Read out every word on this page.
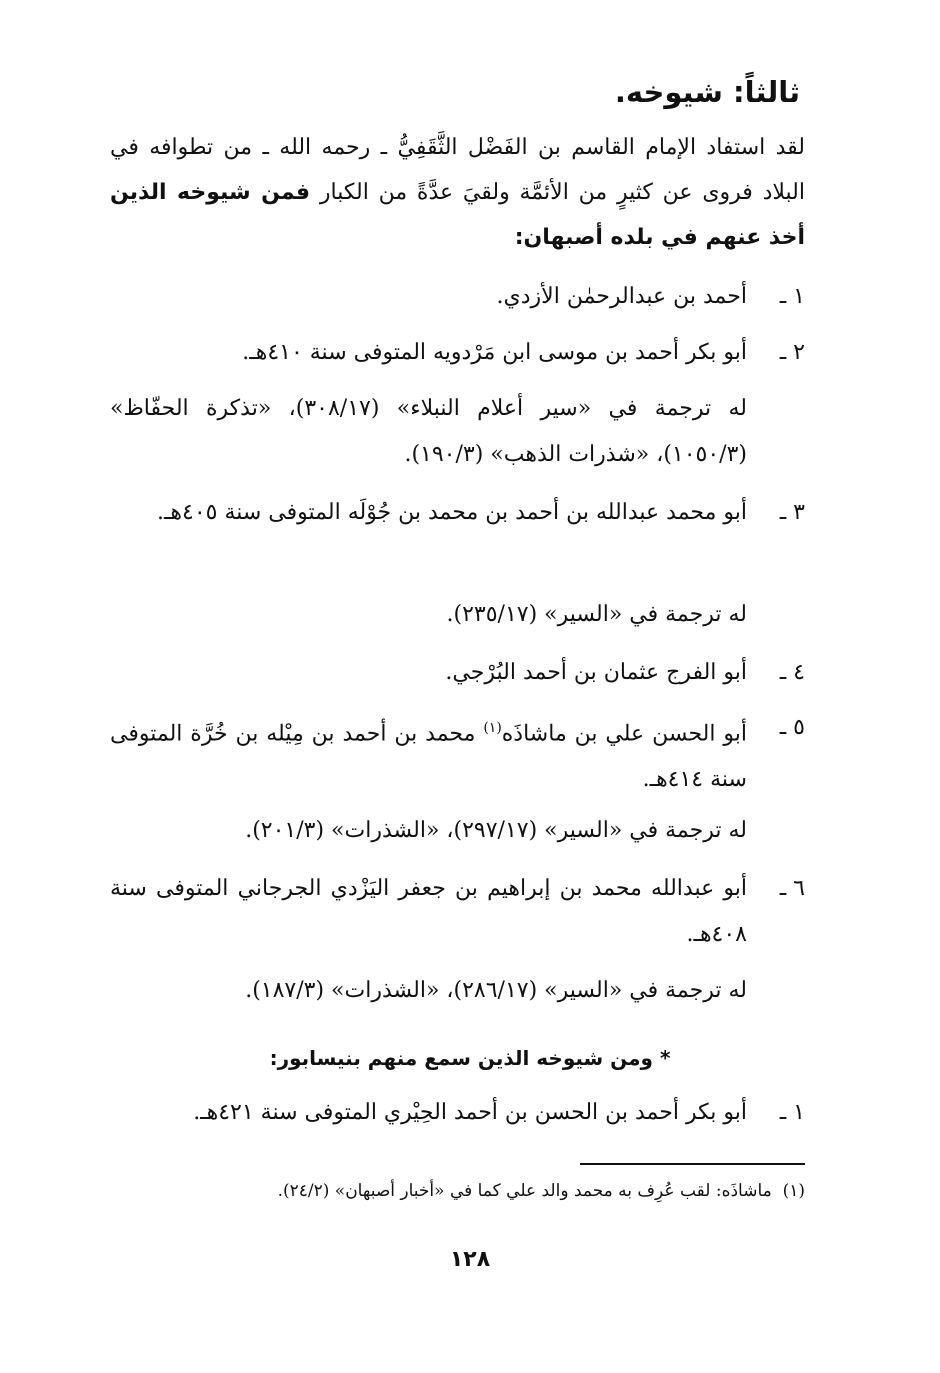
ثالثاً: شيوخه.

لقد استفاد الإمام القاسم بن الفَضْل الثَّقَفِيُّ ـ رحمه الله ـ من تطوافه في البلاد فروى عن كثيرٍ من الأئمَّة ولقيَ عدَّةً من الكبار فمن شيوخه الذين أخذ عنهم في بلده أصبهان:

١ ـ
أحمد بن عبدالرحمٰن الأزدي.
٢ ـ
أبو بكر أحمد بن موسى ابن مَرْدويه المتوفى سنة ٤١٠هـ.

له ترجمة في «سير أعلام النبلاء» (٣٠٨/١٧)، «تذكرة الحفّاظ» (١٠٥٠/٣)، «شذرات الذهب» (١٩٠/٣).

٣ ـ
أبو محمد عبدالله بن أحمد بن محمد بن جُوْلَه المتوفى سنة ٤٠٥هـ.

له ترجمة في «السير» (٢٣٥/١٧).

٤ ـ
أبو الفرج عثمان بن أحمد البُرْجي.
٥ ـ
أبو الحسن علي بن ماشاذَه$^{(١)}$ محمد بن أحمد بن مِيْله بن خُرَّة المتوفى سنة ٤١٤هـ.

له ترجمة في «السير» (٢٩٧/١٧)، «الشذرات» (٢٠١/٣).

٦ ـ
أبو عبدالله محمد بن إبراهيم بن جعفر اليَزْدي الجرجاني المتوفى سنة ٤٠٨هـ.

له ترجمة في «السير» (٢٨٦/١٧)، «الشذرات» (١٨٧/٣).

* ومن شيوخه الذين سمع منهم بنيسابور:

١ ـ
أبو بكر أحمد بن الحسن بن أحمد الحِيْري المتوفى سنة ٤٢١هـ.

(١)  ماشاذَه: لقب عُرِف به محمد والد علي كما في «أخبار أصبهان» (٢٤/٢).

١٢٨
